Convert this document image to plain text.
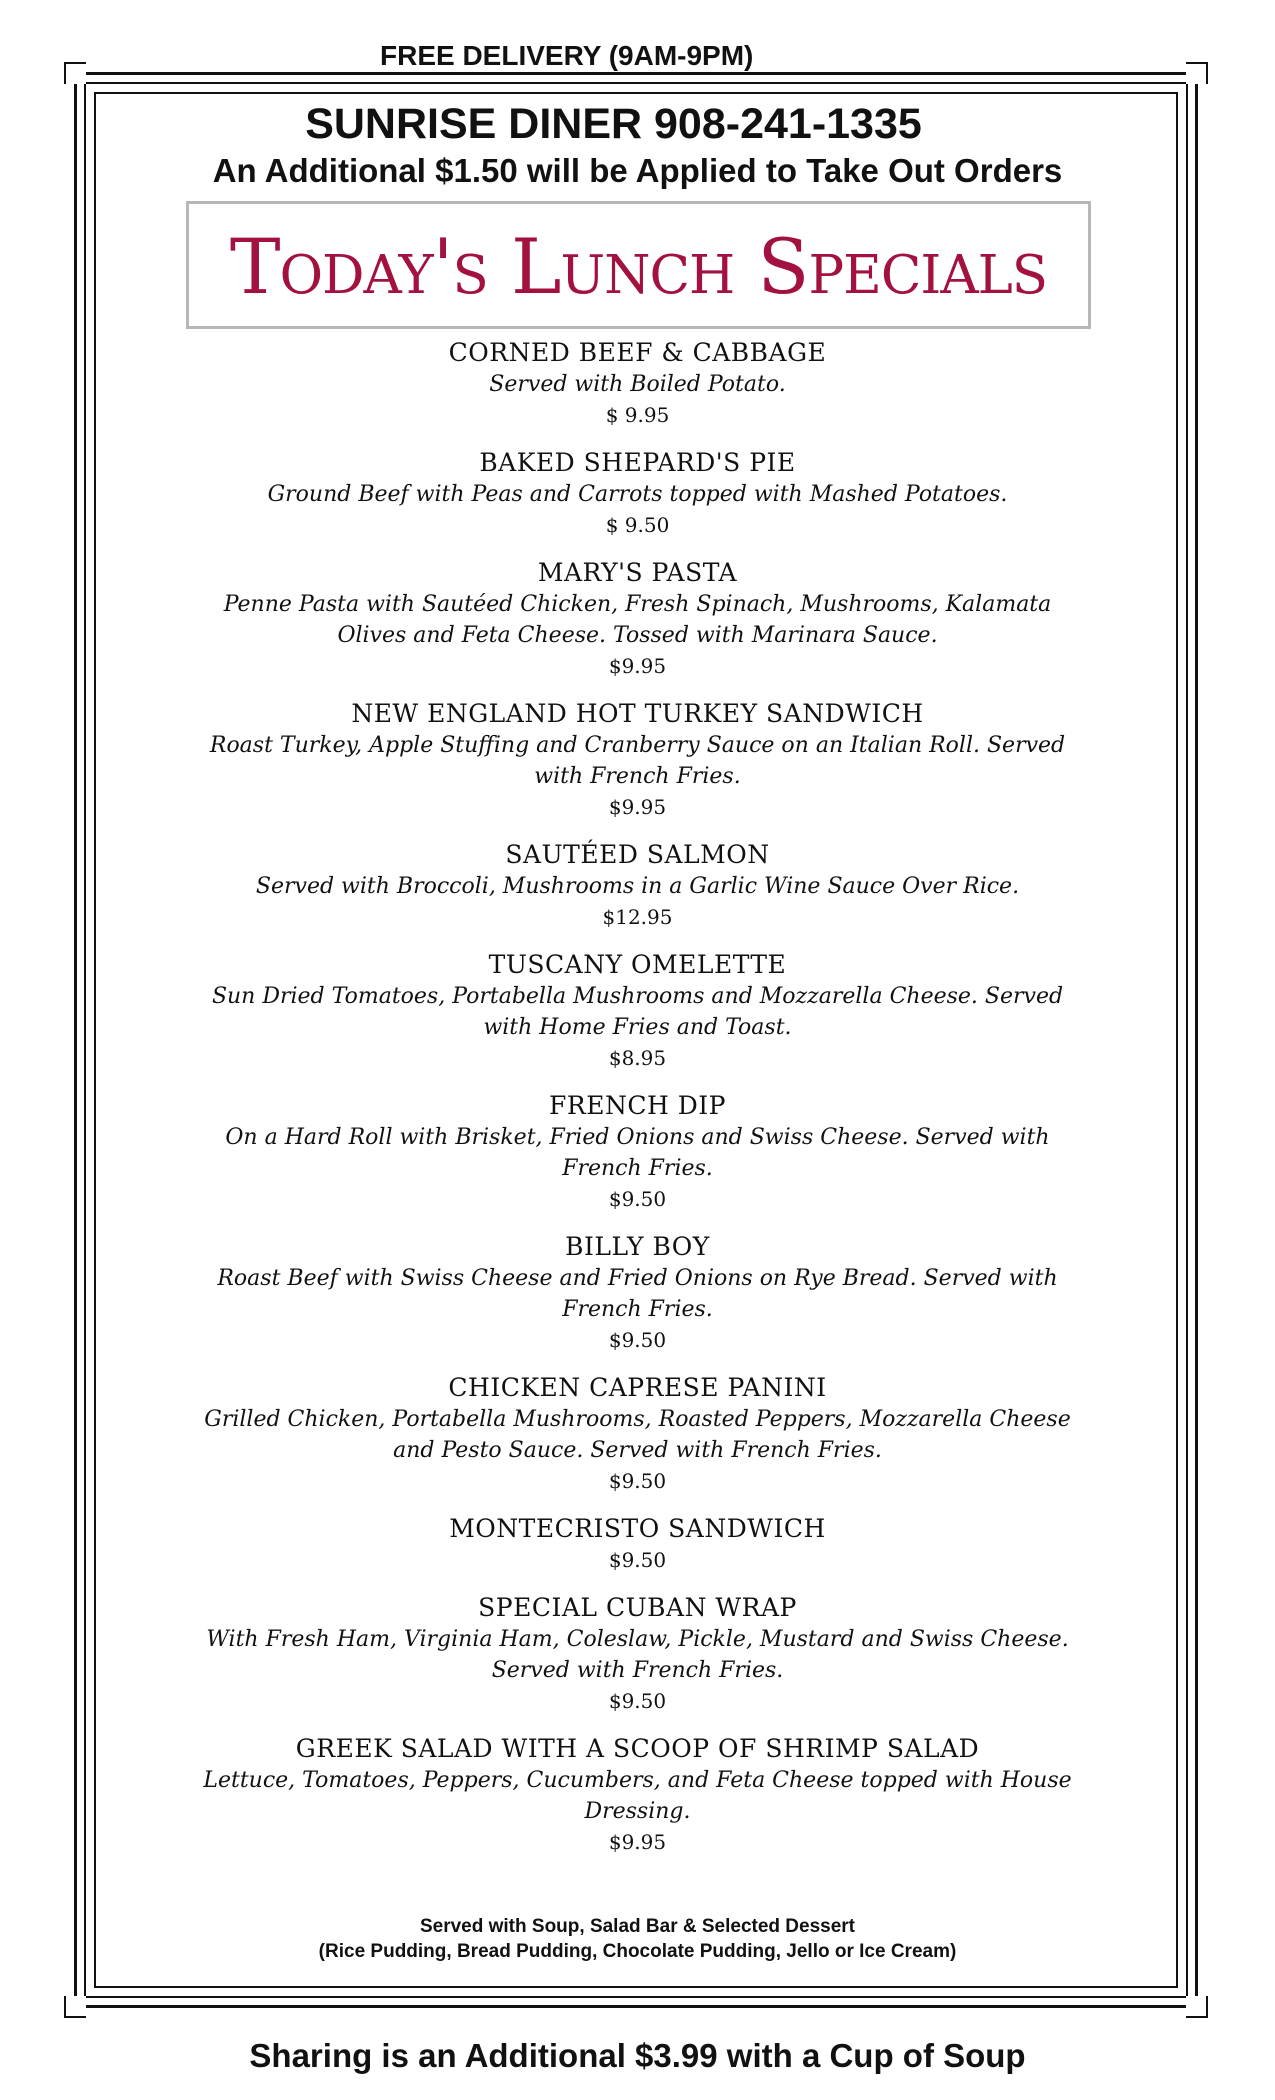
FREE DELIVERY (9AM-9PM)
SUNRISE DINER 908-241-1335
An Additional $1.50 will be Applied to Take Out Orders
Today's Lunch Specials
CORNED BEEF & CABBAGE
Served with Boiled Potato.
$ 9.95
BAKED SHEPARD'S PIE
Ground Beef with Peas and Carrots topped with Mashed Potatoes.
$ 9.50
MARY'S PASTA
Penne Pasta with Sautéed Chicken, Fresh Spinach, Mushrooms, Kalamata Olives and Feta Cheese. Tossed with Marinara Sauce.
$9.95
NEW ENGLAND HOT TURKEY SANDWICH
Roast Turkey, Apple Stuffing and Cranberry Sauce on an Italian Roll. Served with French Fries.
$9.95
SAUTÉED SALMON
Served with Broccoli, Mushrooms in a Garlic Wine Sauce Over Rice.
$12.95
TUSCANY OMELETTE
Sun Dried Tomatoes, Portabella Mushrooms and Mozzarella Cheese. Served with Home Fries and Toast.
$8.95
FRENCH DIP
On a Hard Roll with Brisket, Fried Onions and Swiss Cheese. Served with French Fries.
$9.50
BILLY BOY
Roast Beef with Swiss Cheese and Fried Onions on Rye Bread. Served with French Fries.
$9.50
CHICKEN CAPRESE PANINI
Grilled Chicken, Portabella Mushrooms, Roasted Peppers, Mozzarella Cheese and Pesto Sauce. Served with French Fries.
$9.50
MONTECRISTO SANDWICH
$9.50
SPECIAL CUBAN WRAP
With Fresh Ham, Virginia Ham, Coleslaw, Pickle, Mustard and Swiss Cheese. Served with French Fries.
$9.50
GREEK SALAD WITH A SCOOP OF SHRIMP SALAD
Lettuce, Tomatoes, Peppers, Cucumbers, and Feta Cheese topped with House Dressing.
$9.95
Served with Soup, Salad Bar & Selected Dessert
(Rice Pudding, Bread Pudding, Chocolate Pudding, Jello or Ice Cream)
Sharing is an Additional $3.99 with a Cup of Soup
